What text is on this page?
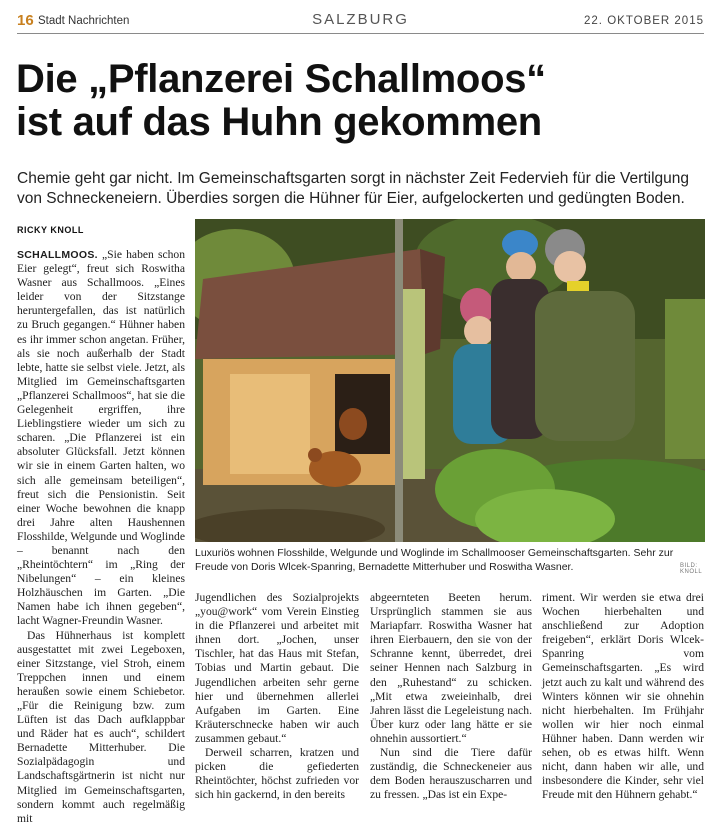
16 Stadt Nachrichten	SALZBURG	22. OKTOBER 2015
Die „Pflanzerei Schallmoos“
ist auf das Huhn gekommen

Chemie geht gar nicht. Im Gemeinschaftsgarten sorgt in nächster Zeit Federvieh für die Vertilgung von Schneckeneiern. Überdies sorgen die Hühner für Eier, aufgelockerten und gedüngten Boden.

RICKY KNOLL

SCHALLMOOS. „Sie haben schon Eier gelegt“, freut sich Roswitha Wasner aus Schallmoos. „Eines leider von der Sitzstange heruntergefallen, das ist natürlich zu Bruch gegangen.“ Hühner haben es ihr immer schon angetan. Früher, als sie noch außerhalb der Stadt lebte, hatte sie selbst viele. Jetzt, als Mitglied im Gemeinschaftsgarten „Pflanzerei Schallmoos“, hat sie die Gelegenheit ergriffen, ihre Lieblingstiere wieder um sich zu scharen. „Die Pflanzerei ist ein absoluter Glücksfall. Jetzt können wir sie in einem Garten halten, wo sich alle gemeinsam beteiligen“, freut sich die Pensionistin. Seit einer Woche bewohnen die knapp drei Jahre alten Haushennen Flosshilde, Welgunde und Woglinde – benannt nach den „Rheintöchtern“ im „Ring der Nibelungen“ – ein kleines Holzhäuschen im Garten. „Die Namen habe ich ihnen gegeben“, lacht Wagner-Freundin Wasner.

Das Hühnerhaus ist komplett ausgestattet mit zwei Legeboxen, einer Sitzstange, viel Stroh, einem Treppchen innen und einem heraußen sowie einem Schiebetor. „Für die Reinigung bzw. zum Lüften ist das Dach aufklappbar und Räder hat es auch“, schildert Bernadette Mitterhuber. Die Sozialpädagogin und Landschaftsgärtnerin ist nicht nur Mitglied im Gemeinschaftsgarten, sondern kommt auch regelmäßig mit

Luxuriös wohnen Flosshilde, Welgunde und Woglinde im Schallmooser Gemeinschaftsgarten. Sehr zur Freude von Doris Wlcek-Spanring, Bernadette Mitterhuber und Roswitha Wasner.	BILD: KNOLL

Jugendlichen des Sozialprojekts „you@work“ vom Verein Einstieg in die Pflanzerei und arbeitet mit ihnen dort. „Jochen, unser Tischler, hat das Haus mit Stefan, Tobias und Martin gebaut. Die Jugendlichen arbeiten sehr gerne hier und übernehmen allerlei Aufgaben im Garten. Eine Kräuterschnecke haben wir auch zusammen gebaut.“

Derweil scharren, kratzen und picken die gefiederten Rheintöchter, höchst zufrieden vor sich hin gackernd, in den bereits

abgeernteten Beeten herum. Ursprünglich stammen sie aus Mariapfarr. Roswitha Wasner hat ihren Eierbauern, den sie von der Schranne kennt, überredet, drei seiner Hennen nach Salzburg in den „Ruhestand“ zu schicken. „Mit etwa zweieinhalb, drei Jahren lässt die Legeleistung nach. Über kurz oder lang hätte er sie ohnehin aussortiert.“

Nun sind die Tiere dafür zuständig, die Schneckeneier aus dem Boden herauszuscharren und zu fressen. „Das ist ein Expe-

riment. Wir werden sie etwa drei Wochen hierbehalten und anschließend zur Adoption freigeben“, erklärt Doris Wlcek-Spanring vom Gemeinschaftsgarten. „Es wird jetzt auch zu kalt und während des Winters können wir sie ohnehin nicht hierbehalten. Im Frühjahr wollen wir hier noch einmal Hühner haben. Dann werden wir sehen, ob es etwas hilft. Wenn nicht, dann haben wir alle, und insbesondere die Kinder, sehr viel Freude mit den Hühnern gehabt.“
